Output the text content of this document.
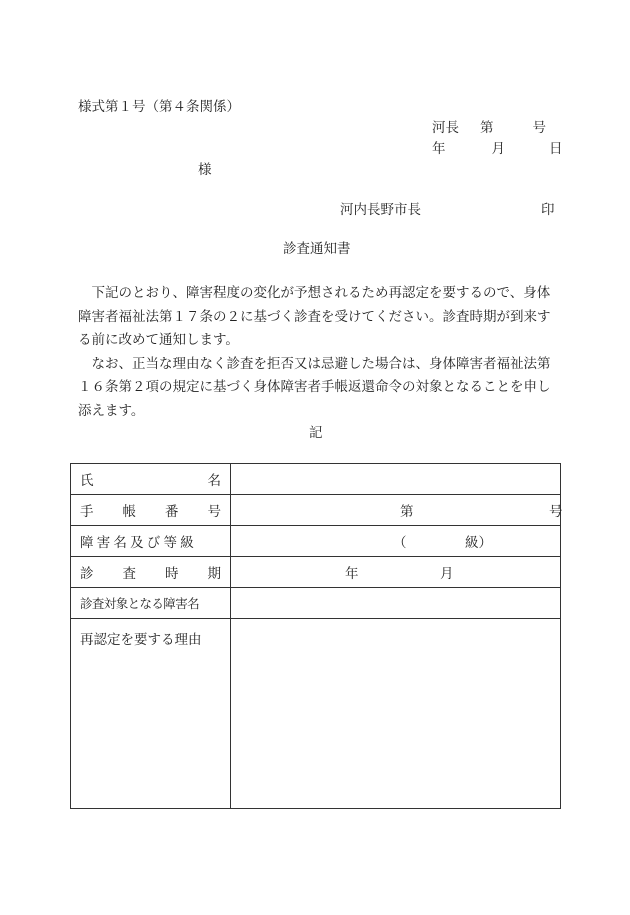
様式第１号（第４条関係）
河長 第	号
年	月	日
様
河内長野市長	印
診査通知書

下記のとおり、障害程度の変化が予想されるため再認定を要するので、身体障害者福祉法第１７条の２に基づく診査を受けてください。診査時期が到来する前に改めて通知します。

なお、正当な理由なく診査を拒否又は忌避した場合は、身体障害者福祉法第１６条第２項の規定に基づく身体障害者手帳返還命令の対象となることを申し添えます。

記
氏 名	

手 帳 番 号	第 号

障害名及び等級	（ 級）

診 査 時 期	年 月

診査対象となる障害名	
再認定を要する理由	
